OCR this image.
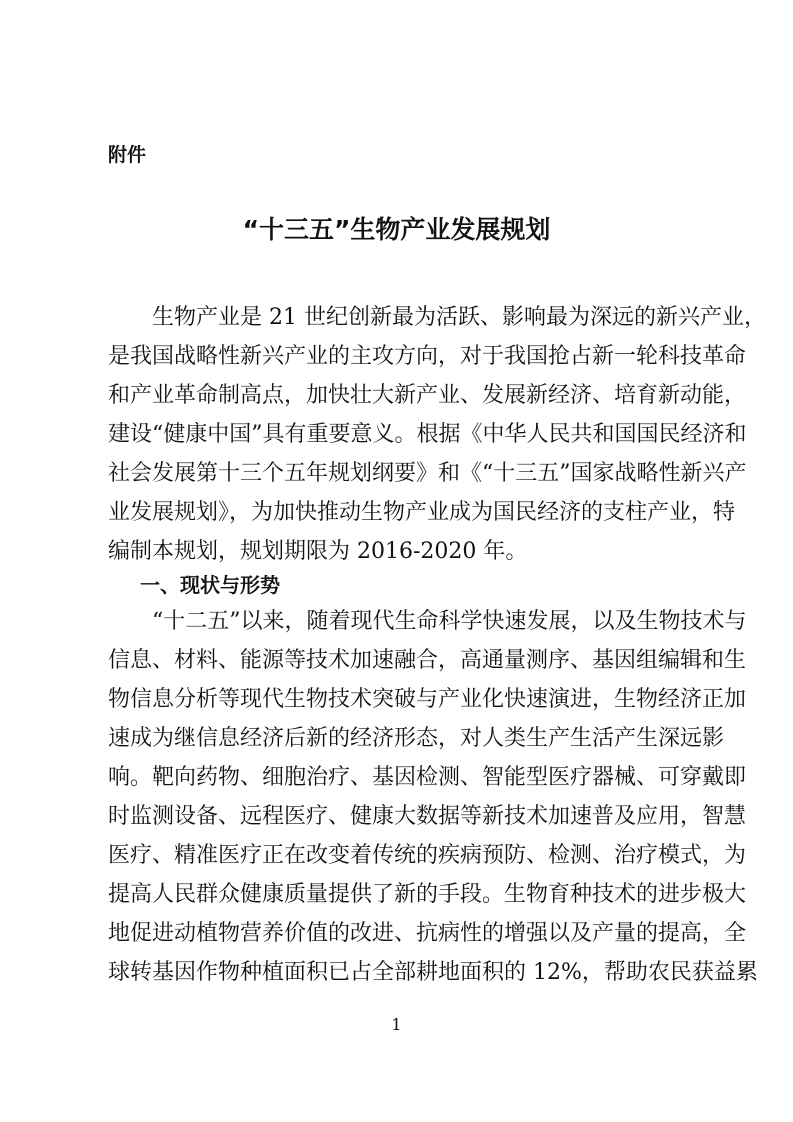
附件
“十三五”生物产业发展规划
生物产业是 21 世纪创新最为活跃、影响最为深远的新兴产业，
是我国战略性新兴产业的主攻方向，对于我国抢占新一轮科技革命
和产业革命制高点，加快壮大新产业、发展新经济、培育新动能，
建设“健康中国”具有重要意义。根据《中华人民共和国国民经济和
社会发展第十三个五年规划纲要》和《“十三五”国家战略性新兴产
业发展规划》，为加快推动生物产业成为国民经济的支柱产业，特
编制本规划，规划期限为 2016-2020 年。
一、现状与形势
“十二五”以来，随着现代生命科学快速发展，以及生物技术与
信息、材料、能源等技术加速融合，高通量测序、基因组编辑和生
物信息分析等现代生物技术突破与产业化快速演进，生物经济正加
速成为继信息经济后新的经济形态，对人类生产生活产生深远影
响。靶向药物、细胞治疗、基因检测、智能型医疗器械、可穿戴即
时监测设备、远程医疗、健康大数据等新技术加速普及应用，智慧
医疗、精准医疗正在改变着传统的疾病预防、检测、治疗模式，为
提高人民群众健康质量提供了新的手段。生物育种技术的进步极大
地促进动植物营养价值的改进、抗病性的增强以及产量的提高，全
球转基因作物种植面积已占全部耕地面积的 12%，帮助农民获益累
1
